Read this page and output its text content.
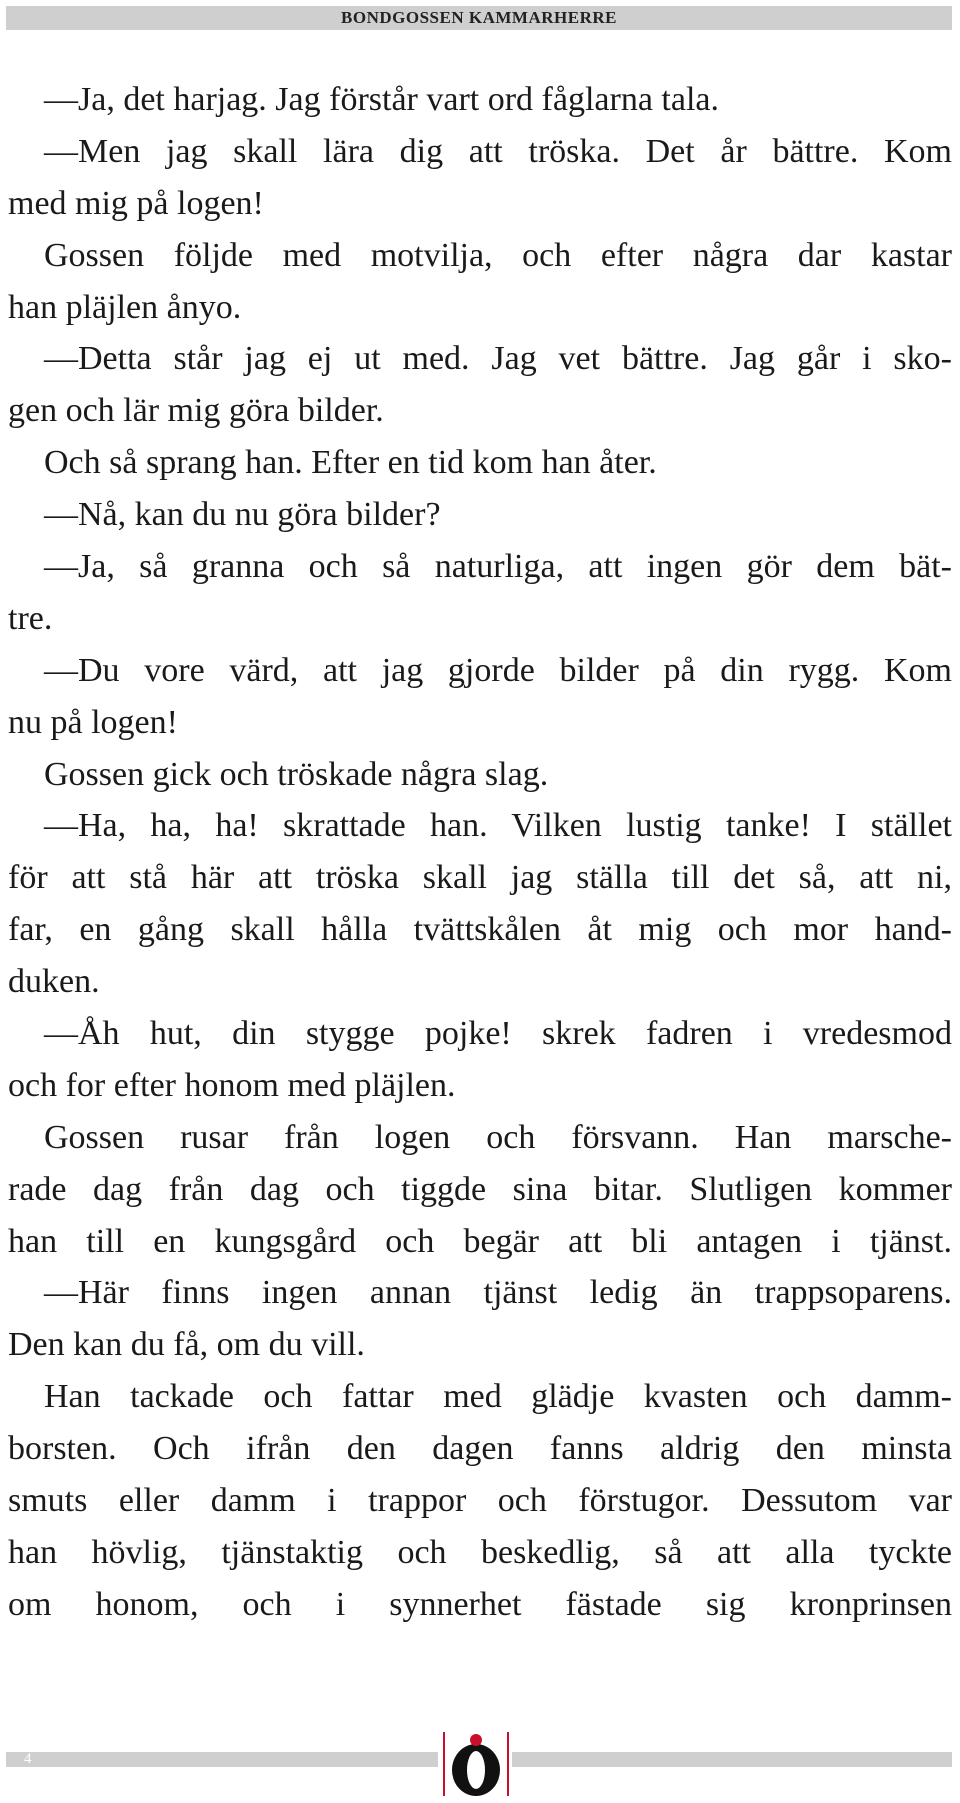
BONDGOSSEN KAMMARHERRE
—Ja, det harjag. Jag förstår vart ord fåglarna tala.
—Men jag skall lära dig att tröska. Det år bättre. Kom
med mig på logen!
Gossen följde med motvilja, och efter några dar kastar
han pläjlen ånyo.
—Detta står jag ej ut med. Jag vet bättre. Jag går i sko-
gen och lär mig göra bilder.
Och så sprang han. Efter en tid kom han åter.
—Nå, kan du nu göra bilder?
—Ja, så granna och så naturliga, att ingen gör dem bät-
tre.
—Du vore värd, att jag gjorde bilder på din rygg. Kom
nu på logen!
Gossen gick och tröskade några slag.
—Ha, ha, ha! skrattade han. Vilken lustig tanke! I stället
för att stå här att tröska skall jag ställa till det så, att ni,
far, en gång skall hålla tvättskålen åt mig och mor hand-
duken.
—Åh hut, din stygge pojke! skrek fadren i vredesmod
och for efter honom med pläjlen.
Gossen rusar från logen och försvann. Han marsche-
rade dag från dag och tiggde sina bitar. Slutligen kommer
han till en kungsgård och begär att bli antagen i tjänst.
—Här finns ingen annan tjänst ledig än trappsoparens.
Den kan du få, om du vill.
Han tackade och fattar med glädje kvasten och damm-
borsten. Och ifrån den dagen fanns aldrig den minsta
smuts eller damm i trappor och förstugor. Dessutom var
han hövlig, tjänstaktig och beskedlig, så att alla tyckte
om honom, och i synnerhet fästade sig kronprinsen
4
